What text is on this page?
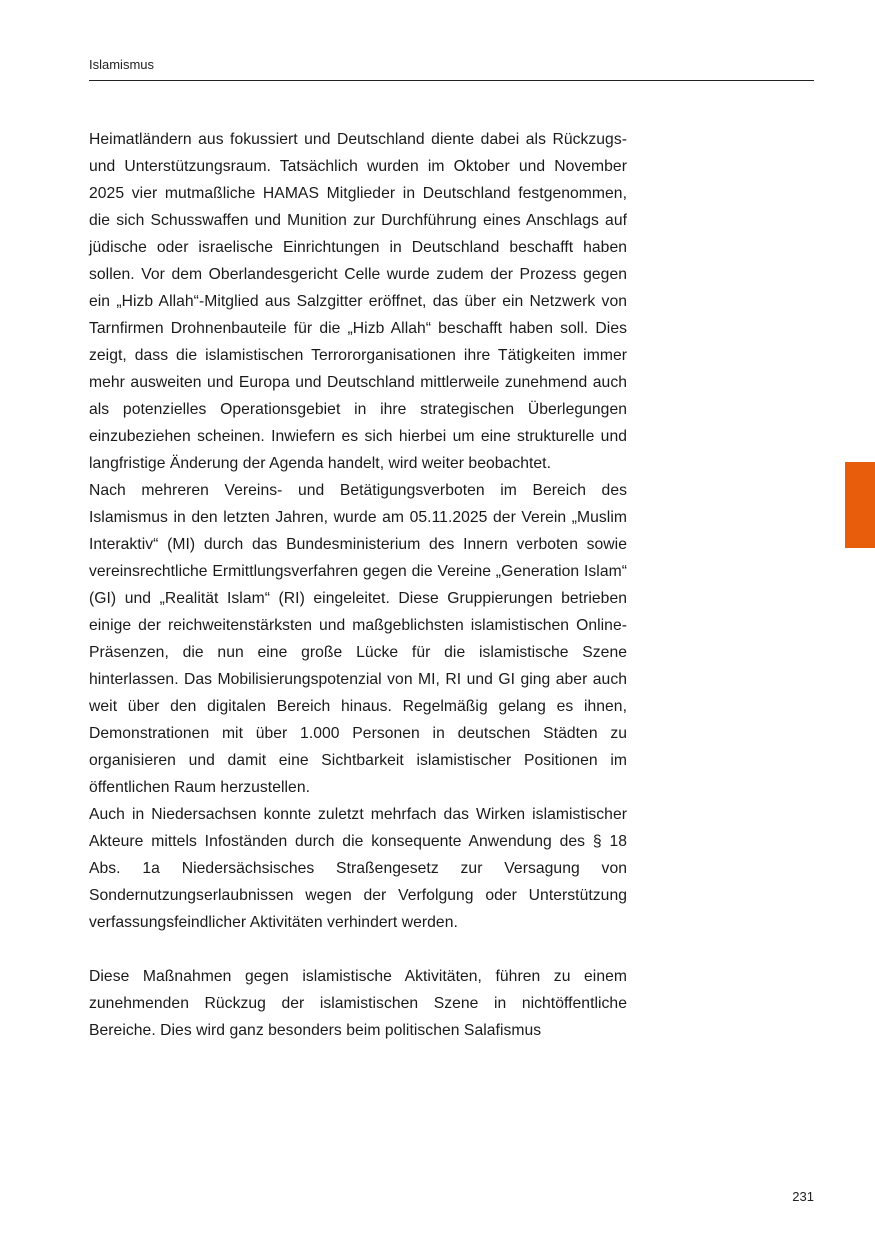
Islamismus

Heimatländern aus fokussiert und Deutschland diente dabei als Rückzugs- und Unterstützungsraum. Tatsächlich wurden im Oktober und November 2025 vier mutmaßliche HAMAS Mitglieder in Deutschland festgenommen, die sich Schusswaffen und Munition zur Durchführung eines Anschlags auf jüdische oder israelische Einrichtungen in Deutschland beschafft haben sollen. Vor dem Oberlandesgericht Celle wurde zudem der Prozess gegen ein „Hizb Allah“-Mitglied aus Salzgitter eröffnet, das über ein Netzwerk von Tarnfirmen Drohnenbauteile für die „Hizb Allah“ beschafft haben soll. Dies zeigt, dass die islamistischen Terrororganisationen ihre Tätigkeiten immer mehr ausweiten und Europa und Deutschland mittlerweile zunehmend auch als potenzielles Operationsgebiet in ihre strategischen Überlegungen einzubeziehen scheinen. Inwiefern es sich hierbei um eine strukturelle und langfristige Änderung der Agenda handelt, wird weiter beobachtet.

Nach mehreren Vereins- und Betätigungsverboten im Bereich des Islamismus in den letzten Jahren, wurde am 05.11.2025 der Verein „Muslim Interaktiv“ (MI) durch das Bundesministerium des Innern verboten sowie vereinsrechtliche Ermittlungsverfahren gegen die Vereine „Generation Islam“ (GI) und „Realität Islam“ (RI) eingeleitet. Diese Gruppierungen betrieben einige der reichweitenstärksten und maßgeblichsten islamistischen Online-Präsenzen, die nun eine große Lücke für die islamistische Szene hinterlassen. Das Mobilisierungspotenzial von MI, RI und GI ging aber auch weit über den digitalen Bereich hinaus. Regelmäßig gelang es ihnen, Demonstrationen mit über 1.000 Personen in deutschen Städten zu organisieren und damit eine Sichtbarkeit islamistischer Positionen im öffentlichen Raum herzustellen.

Auch in Niedersachsen konnte zuletzt mehrfach das Wirken islamistischer Akteure mittels Infoständen durch die konsequente Anwendung des § 18 Abs. 1a Niedersächsisches Straßengesetz zur Versagung von Sondernutzungserlaubnissen wegen der Verfolgung oder Unterstützung verfassungsfeindlicher Aktivitäten verhindert werden.

Diese Maßnahmen gegen islamistische Aktivitäten, führen zu einem zunehmenden Rückzug der islamistischen Szene in nichtöffentliche Bereiche. Dies wird ganz besonders beim politischen Salafismus

231
